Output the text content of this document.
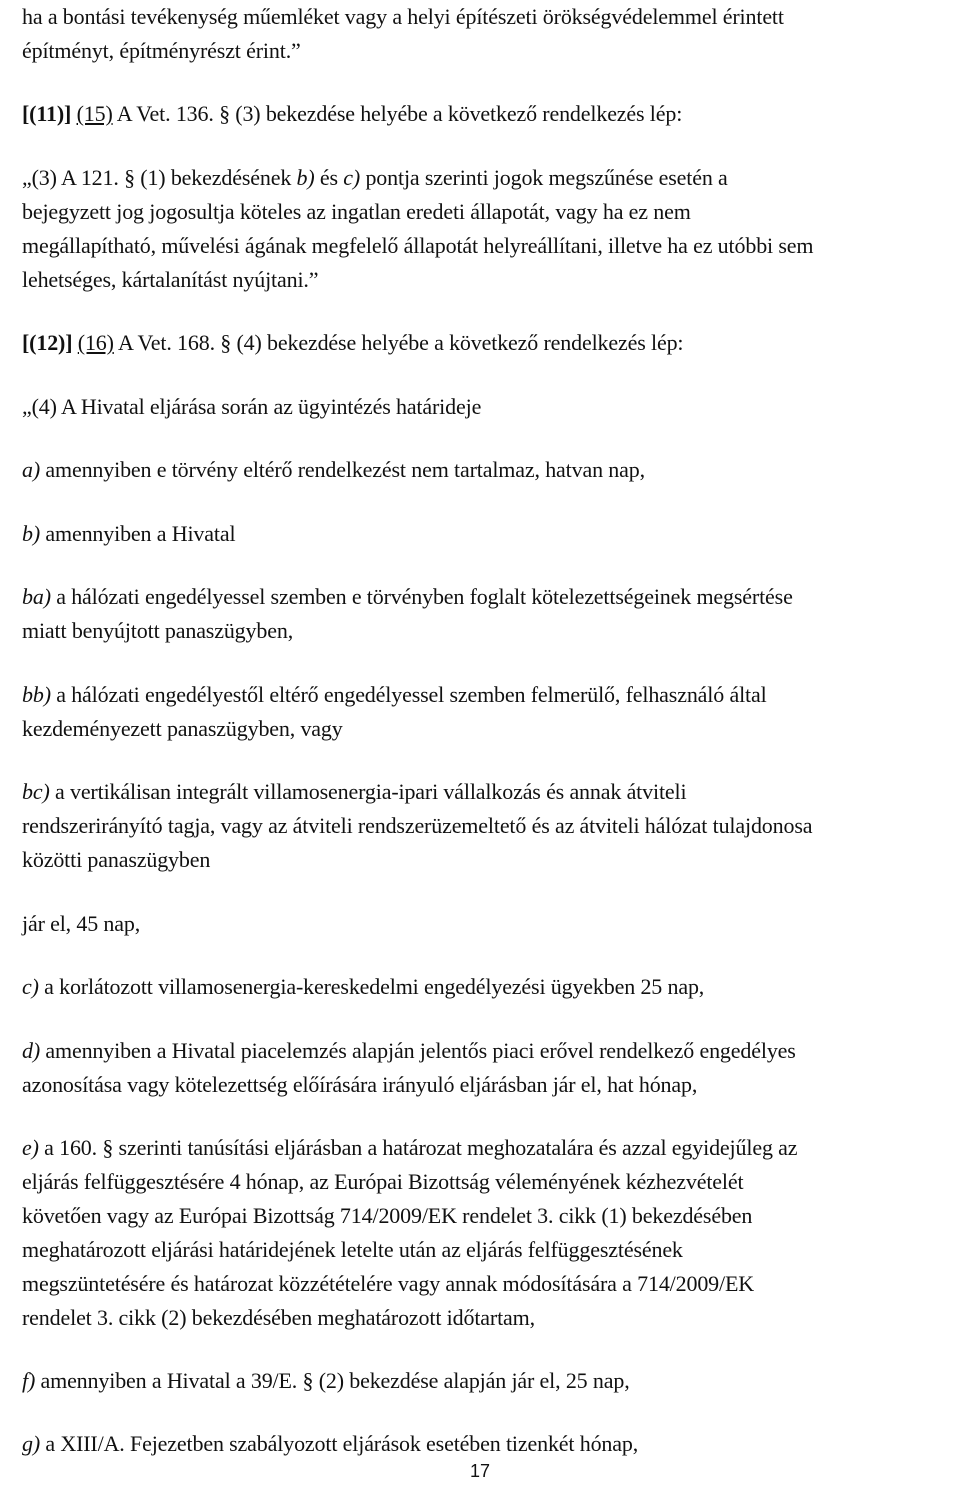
ha a bontási tevékenység műemléket vagy a helyi építészeti örökségvédelemmel érintett
építményt, építményrészt érint.”
[(11)] (15) A Vet. 136. § (3) bekezdése helyébe a következő rendelkezés lép:
„(3) A 121. § (1) bekezdésének b) és c) pontja szerinti jogok megszűnése esetén a
bejegyzett jog jogosultja köteles az ingatlan eredeti állapotát, vagy ha ez nem
megállapítható, művelési ágának megfelelő állapotát helyreállítani, illetve ha ez utóbbi sem
lehetséges, kártalanítást nyújtani.”
[(12)] (16) A Vet. 168. § (4) bekezdése helyébe a következő rendelkezés lép:
„(4) A Hivatal eljárása során az ügyintézés határideje
a) amennyiben e törvény eltérő rendelkezést nem tartalmaz, hatvan nap,
b) amennyiben a Hivatal
ba) a hálózati engedélyessel szemben e törvényben foglalt kötelezettségeinek megsértése
miatt benyújtott panaszügyben,
bb) a hálózati engedélyestől eltérő engedélyessel szemben felmerülő, felhasználó által
kezdeményezett panaszügyben, vagy
bc) a vertikálisan integrált villamosenergia-ipari vállalkozás és annak átviteli
rendszerirányító tagja, vagy az átviteli rendszerüzemeltető és az átviteli hálózat tulajdonosa
közötti panaszügyben
jár el, 45 nap,
c) a korlátozott villamosenergia-kereskedelmi engedélyezési ügyekben 25 nap,
d) amennyiben a Hivatal piacelemzés alapján jelentős piaci erővel rendelkező engedélyes
azonosítása vagy kötelezettség előírására irányuló eljárásban jár el, hat hónap,
e) a 160. § szerinti tanúsítási eljárásban a határozat meghozatalára és azzal egyidejűleg az
eljárás felfüggesztésére 4 hónap, az Európai Bizottság véleményének kézhezvételét
követően vagy az Európai Bizottság 714/2009/EK rendelet 3. cikk (1) bekezdésében
meghatározott eljárási határidejének letelte után az eljárás felfüggesztésének
megszüntetésére és határozat közzétételére vagy annak módosítására a 714/2009/EK
rendelet 3. cikk (2) bekezdésében meghatározott időtartam,
f) amennyiben a Hivatal a 39/E. § (2) bekezdése alapján jár el, 25 nap,
g) a XIII/A. Fejezetben szabályozott eljárások esetében tizenkét hónap,
17
